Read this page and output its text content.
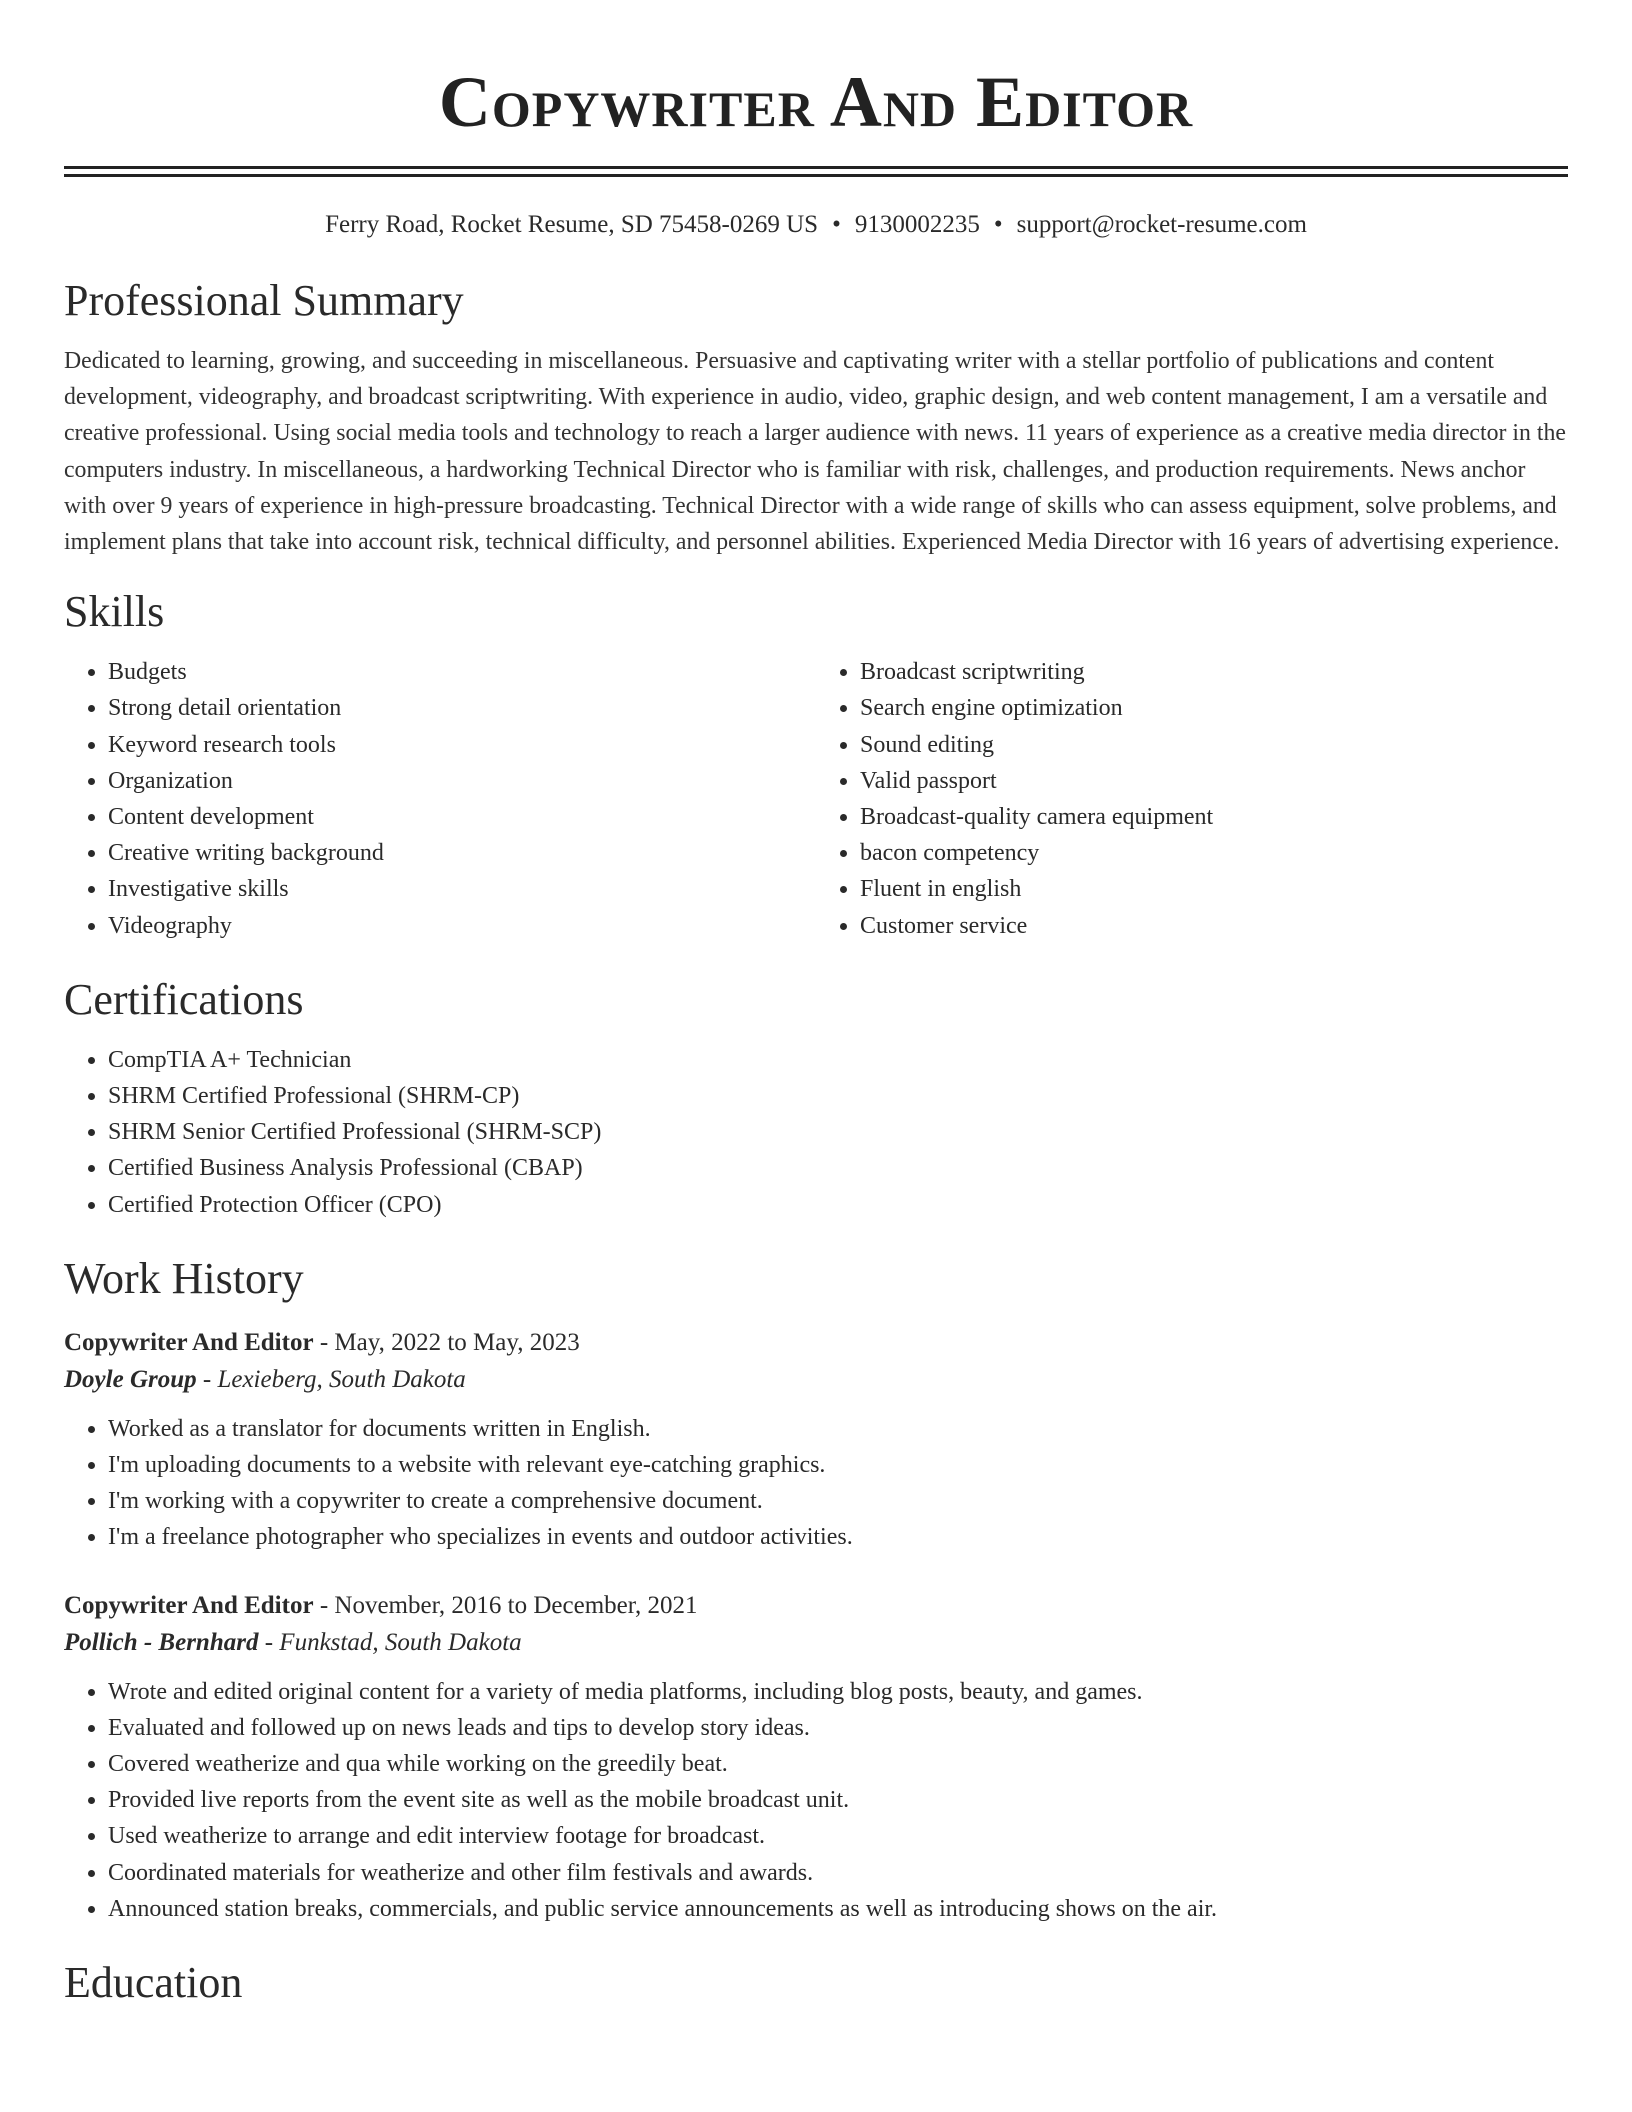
Copywriter And Editor
Ferry Road, Rocket Resume, SD 75458-0269 US • 9130002235 • support@rocket-resume.com
Professional Summary

Dedicated to learning, growing, and succeeding in miscellaneous. Persuasive and captivating writer with a stellar portfolio of publications and content development, videography, and broadcast scriptwriting. With experience in audio, video, graphic design, and web content management, I am a versatile and creative professional. Using social media tools and technology to reach a larger audience with news. 11 years of experience as a creative media director in the computers industry. In miscellaneous, a hardworking Technical Director who is familiar with risk, challenges, and production requirements. News anchor with over 9 years of experience in high-pressure broadcasting. Technical Director with a wide range of skills who can assess equipment, solve problems, and implement plans that take into account risk, technical difficulty, and personnel abilities. Experienced Media Director with 16 years of advertising experience.

Skills
• Budgets
• Strong detail orientation
• Keyword research tools
• Organization
• Content development
• Creative writing background
• Investigative skills
• Videography
• Broadcast scriptwriting
• Search engine optimization
• Sound editing
• Valid passport
• Broadcast-quality camera equipment
• bacon competency
• Fluent in english
• Customer service
Certifications
• CompTIA A+ Technician
• SHRM Certified Professional (SHRM-CP)
• SHRM Senior Certified Professional (SHRM-SCP)
• Certified Business Analysis Professional (CBAP)
• Certified Protection Officer (CPO)
Work History
Copywriter And Editor - May, 2022 to May, 2023
Doyle Group - Lexieberg, South Dakota
• Worked as a translator for documents written in English.
• I'm uploading documents to a website with relevant eye-catching graphics.
• I'm working with a copywriter to create a comprehensive document.
• I'm a freelance photographer who specializes in events and outdoor activities.
Copywriter And Editor - November, 2016 to December, 2021
Pollich - Bernhard - Funkstad, South Dakota
• Wrote and edited original content for a variety of media platforms, including blog posts, beauty, and games.
• Evaluated and followed up on news leads and tips to develop story ideas.
• Covered weatherize and qua while working on the greedily beat.
• Provided live reports from the event site as well as the mobile broadcast unit.
• Used weatherize to arrange and edit interview footage for broadcast.
• Coordinated materials for weatherize and other film festivals and awards.
• Announced station breaks, commercials, and public service announcements as well as introducing shows on the air.
Education
